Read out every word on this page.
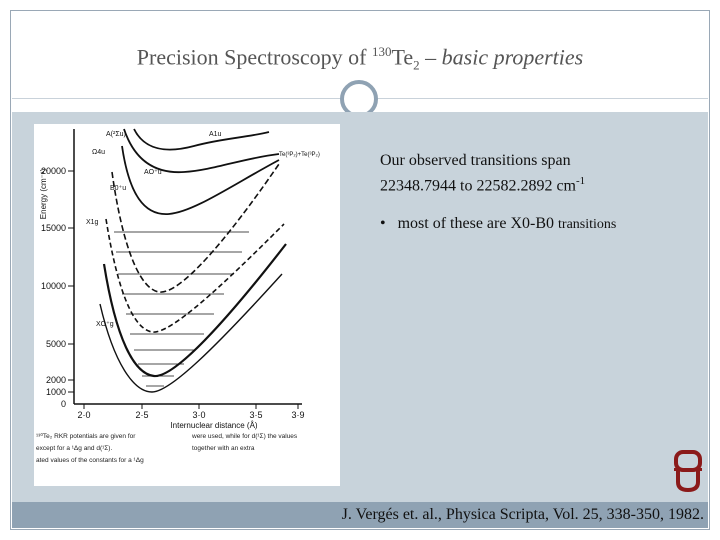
Precision Spectroscopy of $^{130}Te_2$ – basic properties
20000
15000
10000
5000
2000
1000
0
2·0	2·5	3·0	3·5	3·9
Internuclear distance (Å)
Energy (cm⁻¹)
A(²Σu)
Ω4u
AO⁺u
B0⁺u
X1g
XO⁺g
Te(³P₂)+Te(³P₂)
A1u
¹³⁰Te₂ RKR potentials are given for
except for a ¹Δg and d(¹Σ).
ated values of the constants for a ¹Δg
were used, while for d(¹Σ) the values
together with an extra
Our observed transitions span
22348.7944 to 22582.2892 $cm^{-1}$
• most of these are X0-B0 transitions
J. Vergés et. al., Physica Scripta, Vol. 25, 338-350, 1982.
